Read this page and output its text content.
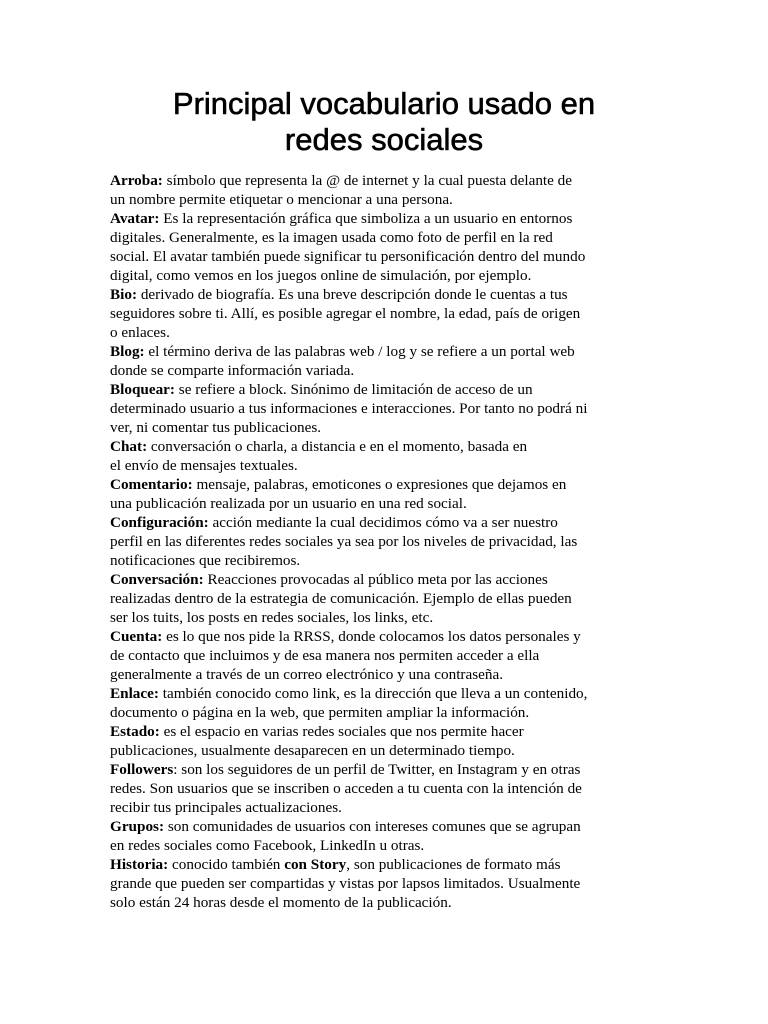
Principal vocabulario usado en
redes sociales
Arroba: símbolo que representa la @ de internet y la cual puesta delante de
un nombre permite etiquetar o mencionar a una persona.
Avatar: Es la representación gráfica que simboliza a un usuario en entornos
digitales. Generalmente, es la imagen usada como foto de perfil en la red
social. El avatar también puede significar tu personificación dentro del mundo
digital, como vemos en los juegos online de simulación, por ejemplo.
Bio: derivado de biografía. Es una breve descripción donde le cuentas a tus
seguidores sobre ti. Allí, es posible agregar el nombre, la edad, país de origen
o enlaces.
Blog: el término deriva de las palabras web / log y se refiere a un portal web
donde se comparte información variada.
Bloquear: se refiere a block. Sinónimo de limitación de acceso de un
determinado usuario a tus informaciones e interacciones. Por tanto no podrá ni
ver, ni comentar tus publicaciones.
Chat: conversación o charla, a distancia e en el momento, basada en
el envío de mensajes textuales.
Comentario: mensaje, palabras, emoticones o expresiones que dejamos en
una publicación realizada por un usuario en una red social.
Configuración: acción mediante la cual decidimos cómo va a ser nuestro
perfil en las diferentes redes sociales ya sea por los niveles de privacidad, las
notificaciones que recibiremos.
Conversación: Reacciones provocadas al público meta por las acciones
realizadas dentro de la estrategia de comunicación. Ejemplo de ellas pueden
ser los tuits, los posts en redes sociales, los links, etc.
Cuenta: es lo que nos pide la RRSS, donde colocamos los datos personales y
de contacto que incluimos y de esa manera nos permiten acceder a ella
generalmente a través de un correo electrónico y una contraseña.
Enlace: también conocido como link, es la dirección que lleva a un contenido,
documento o página en la web, que permiten ampliar la información.
Estado: es el espacio en varias redes sociales que nos permite hacer
publicaciones, usualmente desaparecen en un determinado tiempo.
Followers: son los seguidores de un perfil de Twitter, en Instagram y en otras
redes. Son usuarios que se inscriben o acceden a tu cuenta con la intención de
recibir tus principales actualizaciones.
Grupos: son comunidades de usuarios con intereses comunes que se agrupan
en redes sociales como Facebook, LinkedIn u otras.
Historia: conocido también con Story, son publicaciones de formato más
grande que pueden ser compartidas y vistas por lapsos limitados. Usualmente
solo están 24 horas desde el momento de la publicación.
